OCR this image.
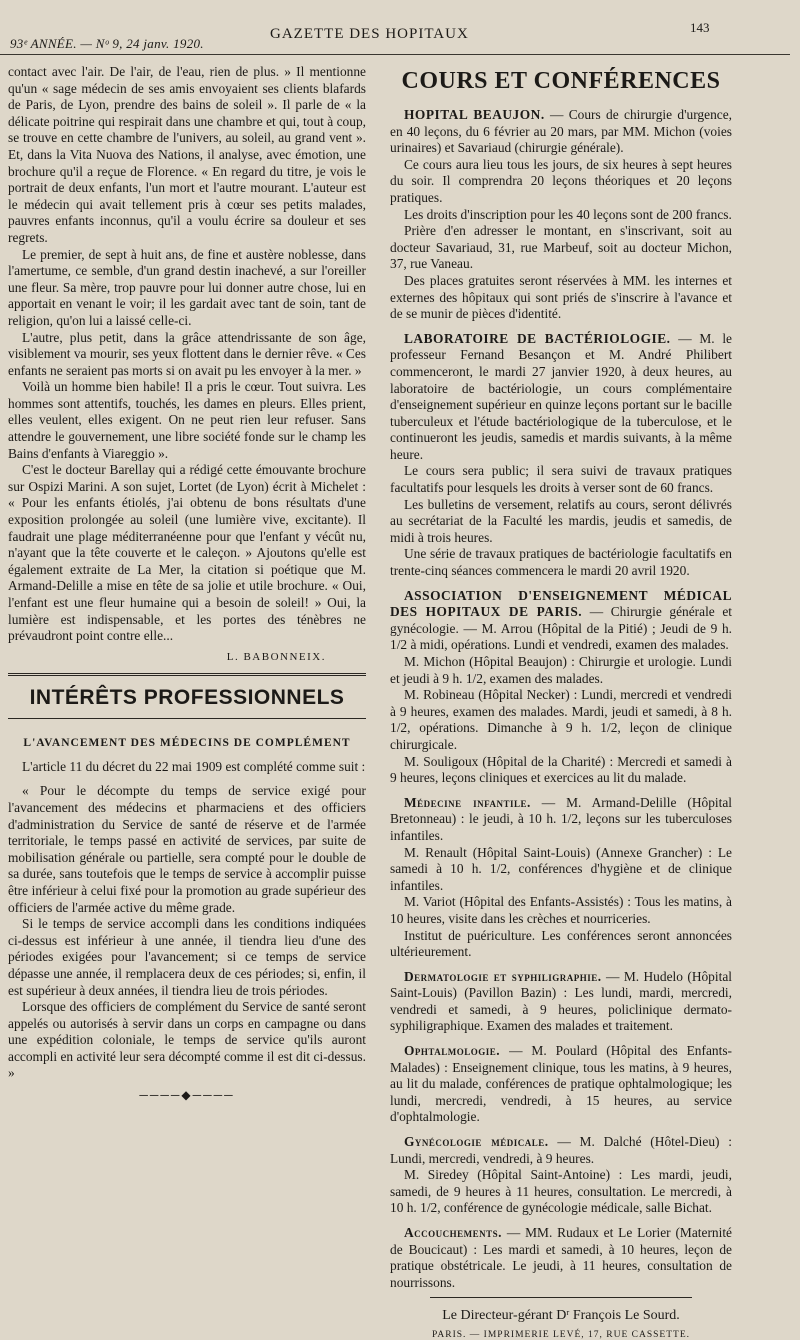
93ᵉ ANNÉE. — Nᵒ 9, 24 janv. 1920.
GAZETTE DES HOPITAUX	143

contact avec l'air. De l'air, de l'eau, rien de plus. » Il mentionne qu'un « sage médecin de ses amis envoyaient ses clients blafards de Paris, de Lyon, prendre des bains de soleil ». Il parle de « la délicate poitrine qui respirait dans une chambre et qui, tout à coup, se trouve en cette chambre de l'univers, au soleil, au grand vent ». Et, dans la Vita Nuova des Nations, il analyse, avec émotion, une brochure qu'il a reçue de Florence. « En regard du titre, je vois le portrait de deux enfants, l'un mort et l'autre mourant. L'auteur est le médecin qui avait tellement pris à cœur ses petits malades, pauvres enfants inconnus, qu'il a voulu écrire sa douleur et ses regrets.

Le premier, de sept à huit ans, de fine et austère noblesse, dans l'amertume, ce semble, d'un grand destin inachevé, a sur l'oreiller une fleur. Sa mère, trop pauvre pour lui donner autre chose, lui en apportait en venant le voir; il les gardait avec tant de soin, tant de religion, qu'on lui a laissé celle-ci.

L'autre, plus petit, dans la grâce attendrissante de son âge, visiblement va mourir, ses yeux flottent dans le dernier rêve. « Ces enfants ne seraient pas morts si on avait pu les envoyer à la mer. »

Voilà un homme bien habile! Il a pris le cœur. Tout suivra. Les hommes sont attentifs, touchés, les dames en pleurs. Elles prient, elles veulent, elles exigent. On ne peut rien leur refuser. Sans attendre le gouvernement, une libre société fonde sur le champ les Bains d'enfants à Viareggio ».

C'est le docteur Barellay qui a rédigé cette émouvante brochure sur Ospizi Marini. A son sujet, Lortet (de Lyon) écrit à Michelet : « Pour les enfants étiolés, j'ai obtenu de bons résultats d'une exposition prolongée au soleil (une lumière vive, excitante). Il faudrait une plage méditerranéenne pour que l'enfant y vécût nu, n'ayant que la tête couverte et le caleçon. » Ajoutons qu'elle est également extraite de La Mer, la citation si poétique que M. Armand-Delille a mise en tête de sa jolie et utile brochure. « Oui, l'enfant est une fleur humaine qui a besoin de soleil! » Oui, la lumière est indispensable, et les portes des ténèbres ne prévaudront point contre elle...

L. BABONNEIX.
INTÉRÊTS PROFESSIONNELS
L'AVANCEMENT DES MÉDECINS DE COMPLÉMENT

L'article 11 du décret du 22 mai 1909 est complété comme suit :

« Pour le décompte du temps de service exigé pour l'avancement des médecins et pharmaciens et des officiers d'administration du Service de santé de réserve et de l'armée territoriale, le temps passé en activité de services, par suite de mobilisation générale ou partielle, sera compté pour le double de sa durée, sans toutefois que le temps de service à accomplir puisse être inférieur à celui fixé pour la promotion au grade supérieur des officiers de l'armée active du même grade.

Si le temps de service accompli dans les conditions indiquées ci-dessus est inférieur à une année, il tiendra lieu d'une des périodes exigées pour l'avancement; si ce temps de service dépasse une année, il remplacera deux de ces périodes; si, enfin, il est supérieur à deux années, il tiendra lieu de trois périodes.

Lorsque des officiers de complément du Service de santé seront appelés ou autorisés à servir dans un corps en campagne ou dans une expédition coloniale, le temps de service qu'ils auront accompli en activité leur sera décompté comme il est dit ci-dessus. »

────◆────
COURS ET CONFÉRENCES

HOPITAL BEAUJON. — Cours de chirurgie d'urgence, en 40 leçons, du 6 février au 20 mars, par MM. Michon (voies urinaires) et Savariaud (chirurgie générale).

Ce cours aura lieu tous les jours, de six heures à sept heures du soir. Il comprendra 20 leçons théoriques et 20 leçons pratiques.

Les droits d'inscription pour les 40 leçons sont de 200 francs.

Prière d'en adresser le montant, en s'inscrivant, soit au docteur Savariaud, 31, rue Marbeuf, soit au docteur Michon, 37, rue Vaneau.

Des places gratuites seront réservées à MM. les internes et externes des hôpitaux qui sont priés de s'inscrire à l'avance et de se munir de pièces d'identité.

LABORATOIRE DE BACTÉRIOLOGIE. — M. le professeur Fernand Besançon et M. André Philibert commenceront, le mardi 27 janvier 1920, à deux heures, au laboratoire de bactériologie, un cours complémentaire d'enseignement supérieur en quinze leçons portant sur le bacille tuberculeux et l'étude bactériologique de la tuberculose, et le continueront les jeudis, samedis et mardis suivants, à la même heure.

Le cours sera public; il sera suivi de travaux pratiques facultatifs pour lesquels les droits à verser sont de 60 francs.

Les bulletins de versement, relatifs au cours, seront délivrés au secrétariat de la Faculté les mardis, jeudis et samedis, de midi à trois heures.

Une série de travaux pratiques de bactériologie facultatifs en trente-cinq séances commencera le mardi 20 avril 1920.

ASSOCIATION D'ENSEIGNEMENT MÉDICAL DES HOPITAUX DE PARIS. — Chirurgie générale et gynécologie. — M. Arrou (Hôpital de la Pitié) ; Jeudi de 9 h. 1/2 à midi, opérations. Lundi et vendredi, examen des malades.

M. Michon (Hôpital Beaujon) : Chirurgie et urologie. Lundi et jeudi à 9 h. 1/2, examen des malades.

M. Robineau (Hôpital Necker) : Lundi, mercredi et vendredi à 9 heures, examen des malades. Mardi, jeudi et samedi, à 8 h. 1/2, opérations. Dimanche à 9 h. 1/2, leçon de clinique chirurgicale.

M. Souligoux (Hôpital de la Charité) : Mercredi et samedi à 9 heures, leçons cliniques et exercices au lit du malade.

Médecine infantile. — M. Armand-Delille (Hôpital Bretonneau) : le jeudi, à 10 h. 1/2, leçons sur les tuberculoses infantiles.

M. Renault (Hôpital Saint-Louis) (Annexe Grancher) : Le samedi à 10 h. 1/2, conférences d'hygiène et de clinique infantiles.

M. Variot (Hôpital des Enfants-Assistés) : Tous les matins, à 10 heures, visite dans les crèches et nourriceries.

Institut de puériculture. Les conférences seront annoncées ultérieurement.

Dermatologie et syphiligraphie. — M. Hudelo (Hôpital Saint-Louis) (Pavillon Bazin) : Les lundi, mardi, mercredi, vendredi et samedi, à 9 heures, policlinique dermato-syphiligraphique. Examen des malades et traitement.

Ophtalmologie. — M. Poulard (Hôpital des Enfants-Malades) : Enseignement clinique, tous les matins, à 9 heures, au lit du malade, conférences de pratique ophtalmologique; les lundi, mercredi, vendredi, à 15 heures, au service d'ophtalmologie.

Gynécologie médicale. — M. Dalché (Hôtel-Dieu) : Lundi, mercredi, vendredi, à 9 heures.

M. Siredey (Hôpital Saint-Antoine) : Les mardi, jeudi, samedi, de 9 heures à 11 heures, consultation. Le mercredi, à 10 h. 1/2, conférence de gynécologie médicale, salle Bichat.

Accouchements. — MM. Rudaux et Le Lorier (Maternité de Boucicaut) : Les mardi et samedi, à 10 heures, leçon de pratique obstétricale. Le jeudi, à 11 heures, consultation de nourrissons.

Le Directeur-gérant Dʳ François Le Sourd.
PARIS. — IMPRIMERIE LEVÉ, 17, RUE CASSETTE.
